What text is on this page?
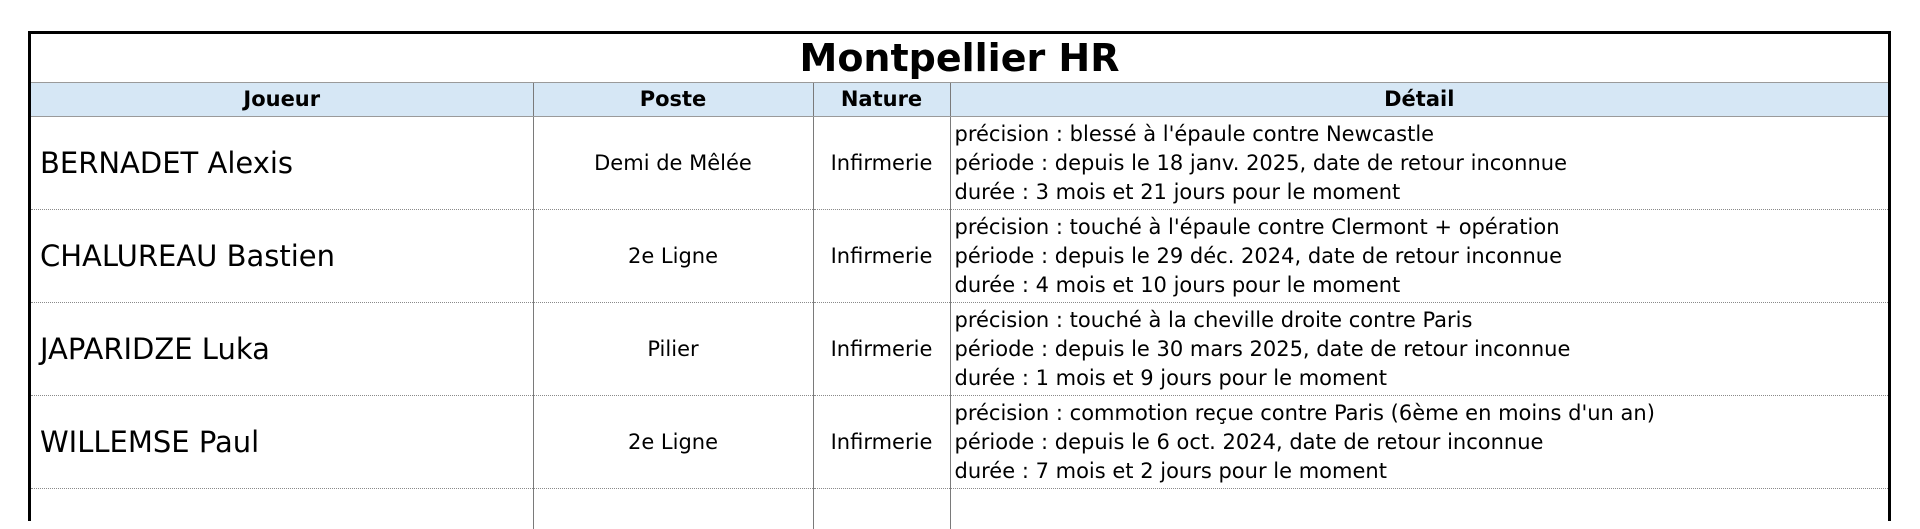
Montpellier HR			
Joueur	Poste	Nature	Détail
BERNADET Alexis	Demi de Mêlée	Infirmerie	précision : blessé à l'épaule contre Newcastle
période : depuis le 18 janv. 2025, date de retour inconnue
durée : 3 mois et 21 jours pour le moment

CHALUREAU Bastien	2e Ligne	Infirmerie	précision : touché à l'épaule contre Clermont + opération
période : depuis le 29 déc. 2024, date de retour inconnue
durée : 4 mois et 10 jours pour le moment

JAPARIDZE Luka	Pilier	Infirmerie	précision : touché à la cheville droite contre Paris
période : depuis le 30 mars 2025, date de retour inconnue
durée : 1 mois et 9 jours pour le moment

WILLEMSE Paul	2e Ligne	Infirmerie	précision : commotion reçue contre Paris (6ème en moins d'un an)
période : depuis le 6 oct. 2024, date de retour inconnue
durée : 7 mois et 2 jours pour le moment
